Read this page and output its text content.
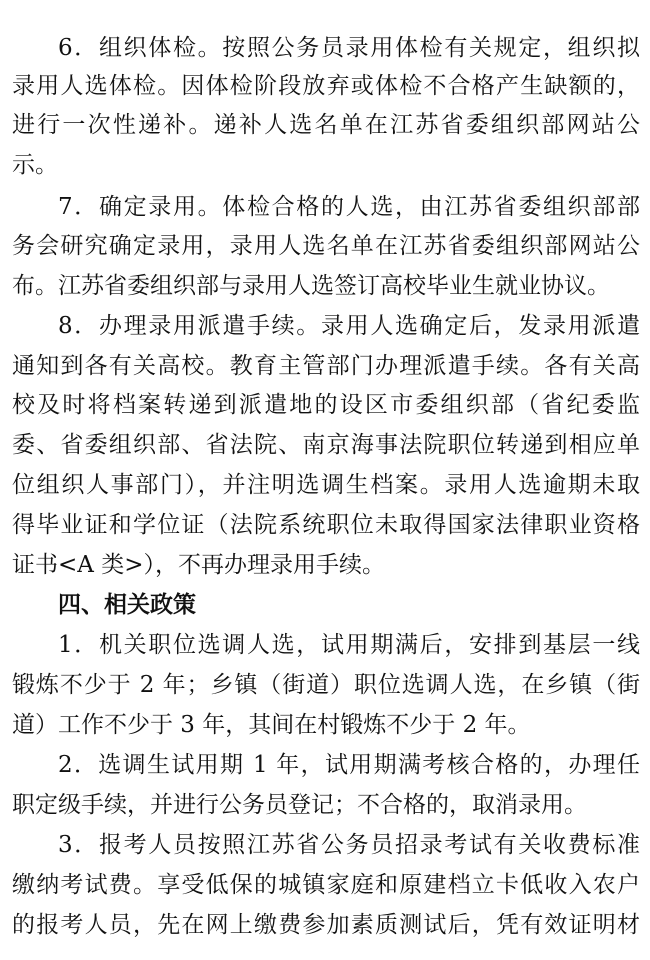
6．组织体检。按照公务员录用体检有关规定，组织拟
录用人选体检。因体检阶段放弃或体检不合格产生缺额的，
进行一次性递补。递补人选名单在江苏省委组织部网站公
示。
7．确定录用。体检合格的人选，由江苏省委组织部部
务会研究确定录用，录用人选名单在江苏省委组织部网站公
布。江苏省委组织部与录用人选签订高校毕业生就业协议。
8．办理录用派遣手续。录用人选确定后，发录用派遣
通知到各有关高校。教育主管部门办理派遣手续。各有关高
校及时将档案转递到派遣地的设区市委组织部（省纪委监
委、省委组织部、省法院、南京海事法院职位转递到相应单
位组织人事部门），并注明选调生档案。录用人选逾期未取
得毕业证和学位证（法院系统职位未取得国家法律职业资格
证书<A 类>），不再办理录用手续。
四、相关政策
1．机关职位选调人选，试用期满后，安排到基层一线
锻炼不少于 2 年；乡镇（街道）职位选调人选，在乡镇（街
道）工作不少于 3 年，其间在村锻炼不少于 2 年。
2．选调生试用期 1 年，试用期满考核合格的，办理任
职定级手续，并进行公务员登记；不合格的，取消录用。
3．报考人员按照江苏省公务员招录考试有关收费标准
缴纳考试费。享受低保的城镇家庭和原建档立卡低收入农户
的报考人员，先在网上缴费参加素质测试后，凭有效证明材
